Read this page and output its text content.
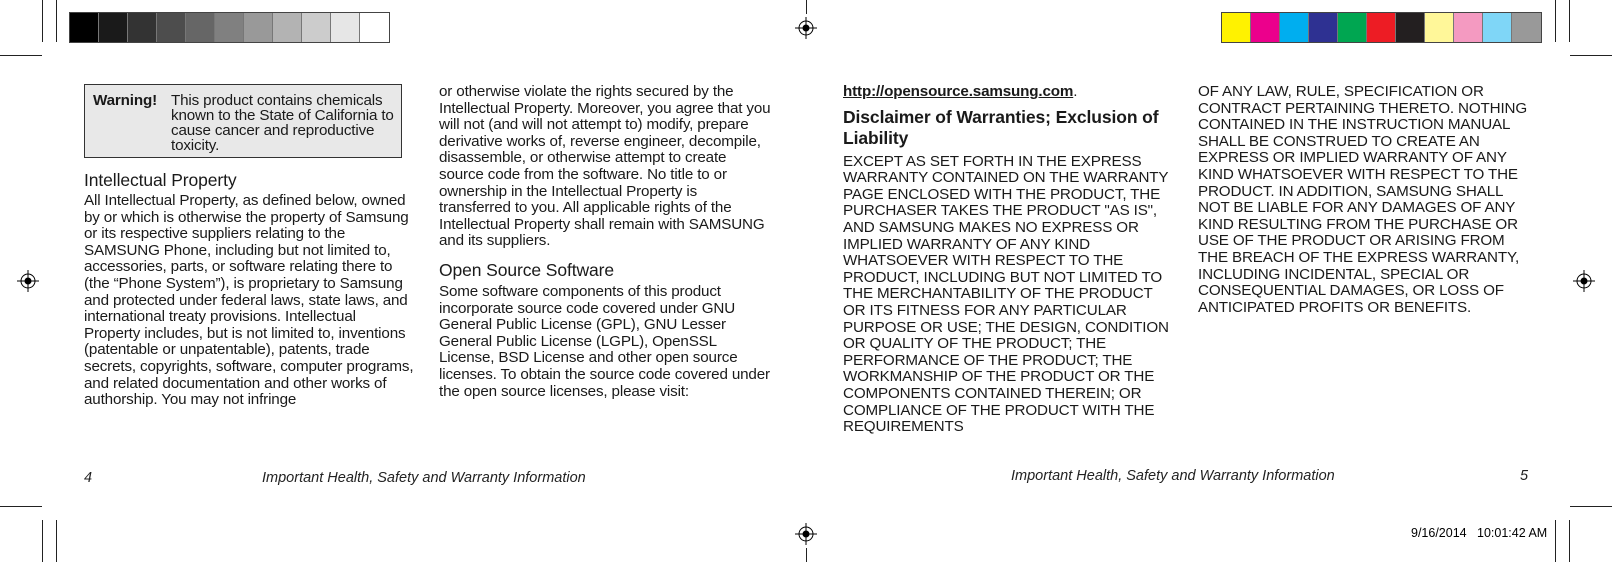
Warning! This product contains chemicals known to the State of California to cause cancer and reproductive toxicity.
Intellectual Property

All Intellectual Property, as defined below, owned by or which is otherwise the property of Samsung or its respective suppliers relating to the SAMSUNG Phone, including but not limited to, accessories, parts, or software relating there to (the “Phone System”), is proprietary to Samsung and protected under federal laws, state laws, and international treaty provisions. Intellectual Property includes, but is not limited to, inventions (patentable or unpatentable), patents, trade secrets, copyrights, software, computer programs, and related documentation and other works of authorship. You may not infringe

or otherwise violate the rights secured by the Intellectual Property. Moreover, you agree that you will not (and will not attempt to) modify, prepare derivative works of, reverse engineer, decompile, disassemble, or otherwise attempt to create source code from the software. No title to or ownership in the Intellectual Property is transferred to you. All applicable rights of the Intellectual Property shall remain with SAMSUNG and its suppliers.

Open Source Software

Some software components of this product incorporate source code covered under GNU General Public License (GPL), GNU Lesser General Public License (LGPL), OpenSSL License, BSD License and other open source licenses. To obtain the source code covered under the open source licenses, please visit:

4	Important Health, Safety and Warranty Information

http://opensource.samsung.com.

Disclaimer of Warranties; Exclusion of Liability

EXCEPT AS SET FORTH IN THE EXPRESS WARRANTY CONTAINED ON THE WARRANTY PAGE ENCLOSED WITH THE PRODUCT, THE PURCHASER TAKES THE PRODUCT "AS IS", AND SAMSUNG MAKES NO EXPRESS OR IMPLIED WARRANTY OF ANY KIND WHATSOEVER WITH RESPECT TO THE PRODUCT, INCLUDING BUT NOT LIMITED TO THE MERCHANTABILITY OF THE PRODUCT OR ITS FITNESS FOR ANY PARTICULAR PURPOSE OR USE; THE DESIGN, CONDITION OR QUALITY OF THE PRODUCT; THE PERFORMANCE OF THE PRODUCT; THE WORKMANSHIP OF THE PRODUCT OR THE COMPONENTS CONTAINED THEREIN; OR COMPLIANCE OF THE PRODUCT WITH THE REQUIREMENTS

OF ANY LAW, RULE, SPECIFICATION OR CONTRACT PERTAINING THERETO. NOTHING CONTAINED IN THE INSTRUCTION MANUAL SHALL BE CONSTRUED TO CREATE AN EXPRESS OR IMPLIED WARRANTY OF ANY KIND WHATSOEVER WITH RESPECT TO THE PRODUCT. IN ADDITION, SAMSUNG SHALL NOT BE LIABLE FOR ANY DAMAGES OF ANY KIND RESULTING FROM THE PURCHASE OR USE OF THE PRODUCT OR ARISING FROM THE BREACH OF THE EXPRESS WARRANTY, INCLUDING INCIDENTAL, SPECIAL OR CONSEQUENTIAL DAMAGES, OR LOSS OF ANTICIPATED PROFITS OR BENEFITS.

Important Health, Safety and Warranty Information	5
9/16/2014   10:01:42 AM
